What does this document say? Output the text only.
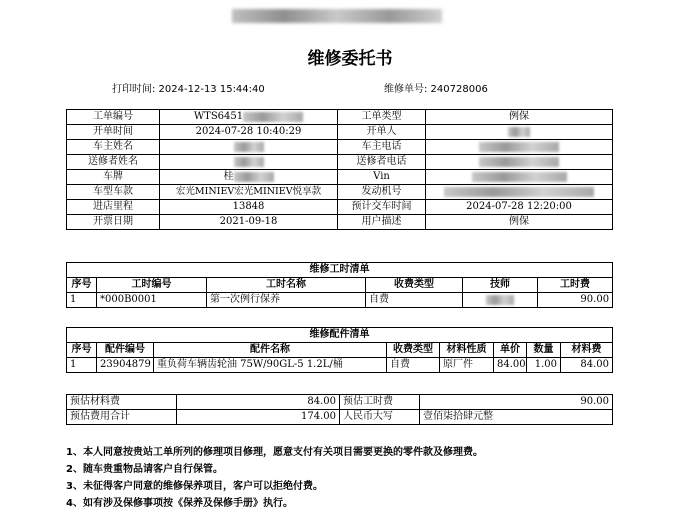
维修委托书
打印时间: 2024-12-13 15:44:40	维修单号: 240728006
工单编号	WTS6451	工单类型	例保
开单时间	2024-07-28 10:40:29	开单人	
车主姓名		车主电话	
送修者姓名		送修者电话	
车牌	桂	Vin	
车型车款	宏光MINIEV宏光MINIEV悦享款	发动机号	
进店里程	13848	预计交车时间	2024-07-28 12:20:00
开票日期	2021-09-18	用户描述	例保
维修工时清单					
序号	工时编号	工时名称	收费类型	技师	工时费
1	*000B0001	第一次例行保养	自费		90.00
维修配件清单							
序号	配件编号	配件名称	收费类型	材料性质	单价	数量	材料费
1	23904879	重负荷车辆齿轮油 75W/90GL-5 1.2L/桶	自费	原厂件	84.00	1.00	84.00
预估材料费	84.00	预估工时费	90.00
预估费用合计	174.00	人民币大写	壹佰柒拾肆元整
1、本人同意按贵站工单所列的修理项目修理，愿意支付有关项目需要更换的零件款及修理费。
2、随车贵重物品请客户自行保管。
3、未征得客户同意的维修保养项目，客户可以拒绝付费。
4、如有涉及保修事项按《保养及保修手册》执行。
